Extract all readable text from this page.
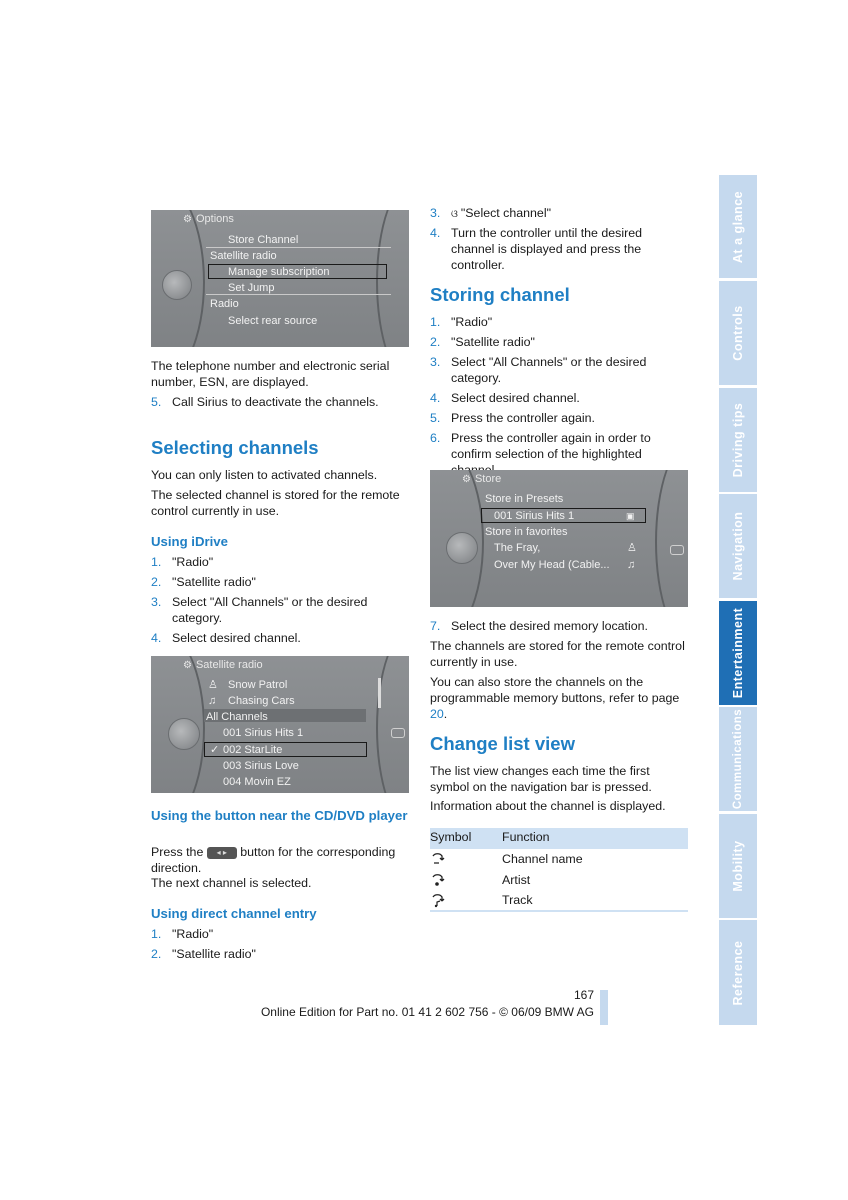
⚙ Options
Store Channel
Satellite radio
Manage subscription
Set Jump
Radio
Select rear source

The telephone number and electronic serial number, ESN, are displayed.

5. Call Sirius to deactivate the channels.
Selecting channels

You can only listen to activated channels.

The selected channel is stored for the remote control currently in use.

Using iDrive
1. "Radio"
2. "Satellite radio"
3. Select "All Channels" or the desired category.
4. Select desired channel.
⚙ Satellite radio
♙ Snow Patrol
♫ Chasing Cars
All Channels
001 Sirius Hits 1
✓ 002 StarLite
003 Sirius Love
004 Movin EZ
Using the button near the CD/DVD player
Press the ◂ ▸ button for the corresponding direction.

The next channel is selected.

Using direct channel entry
1. "Radio"
2. "Satellite radio"
3. ଓ "Select channel"
4. Turn the controller until the desired channel is displayed and press the controller.
Storing channel
1. "Radio"
2. "Satellite radio"
3. Select "All Channels" or the desired category.
4. Select desired channel.
5. Press the controller again.
6. Press the controller again in order to confirm selection of the highlighted
⚙ Store
Store in Presets
001 Sirius Hits 1	▣
Store in favorites
The Fray,	♙
Over My Head (Cable... ♫
7. Select the desired memory location.

The channels are stored for the remote control currently in use.

You can also store the channels on the programmable memory buttons, refer to page 20.

Change list view

The list view changes each time the first symbol on the navigation bar is pressed.

Information about the channel is displayed.

Symbol Function
Channel name
Artist
Track
At a glance
Controls
Driving tips
Navigation
Entertainment
Communications
Mobility
Reference
167
Online Edition for Part no. 01 41 2 602 756 - © 06/09 BMW AG
